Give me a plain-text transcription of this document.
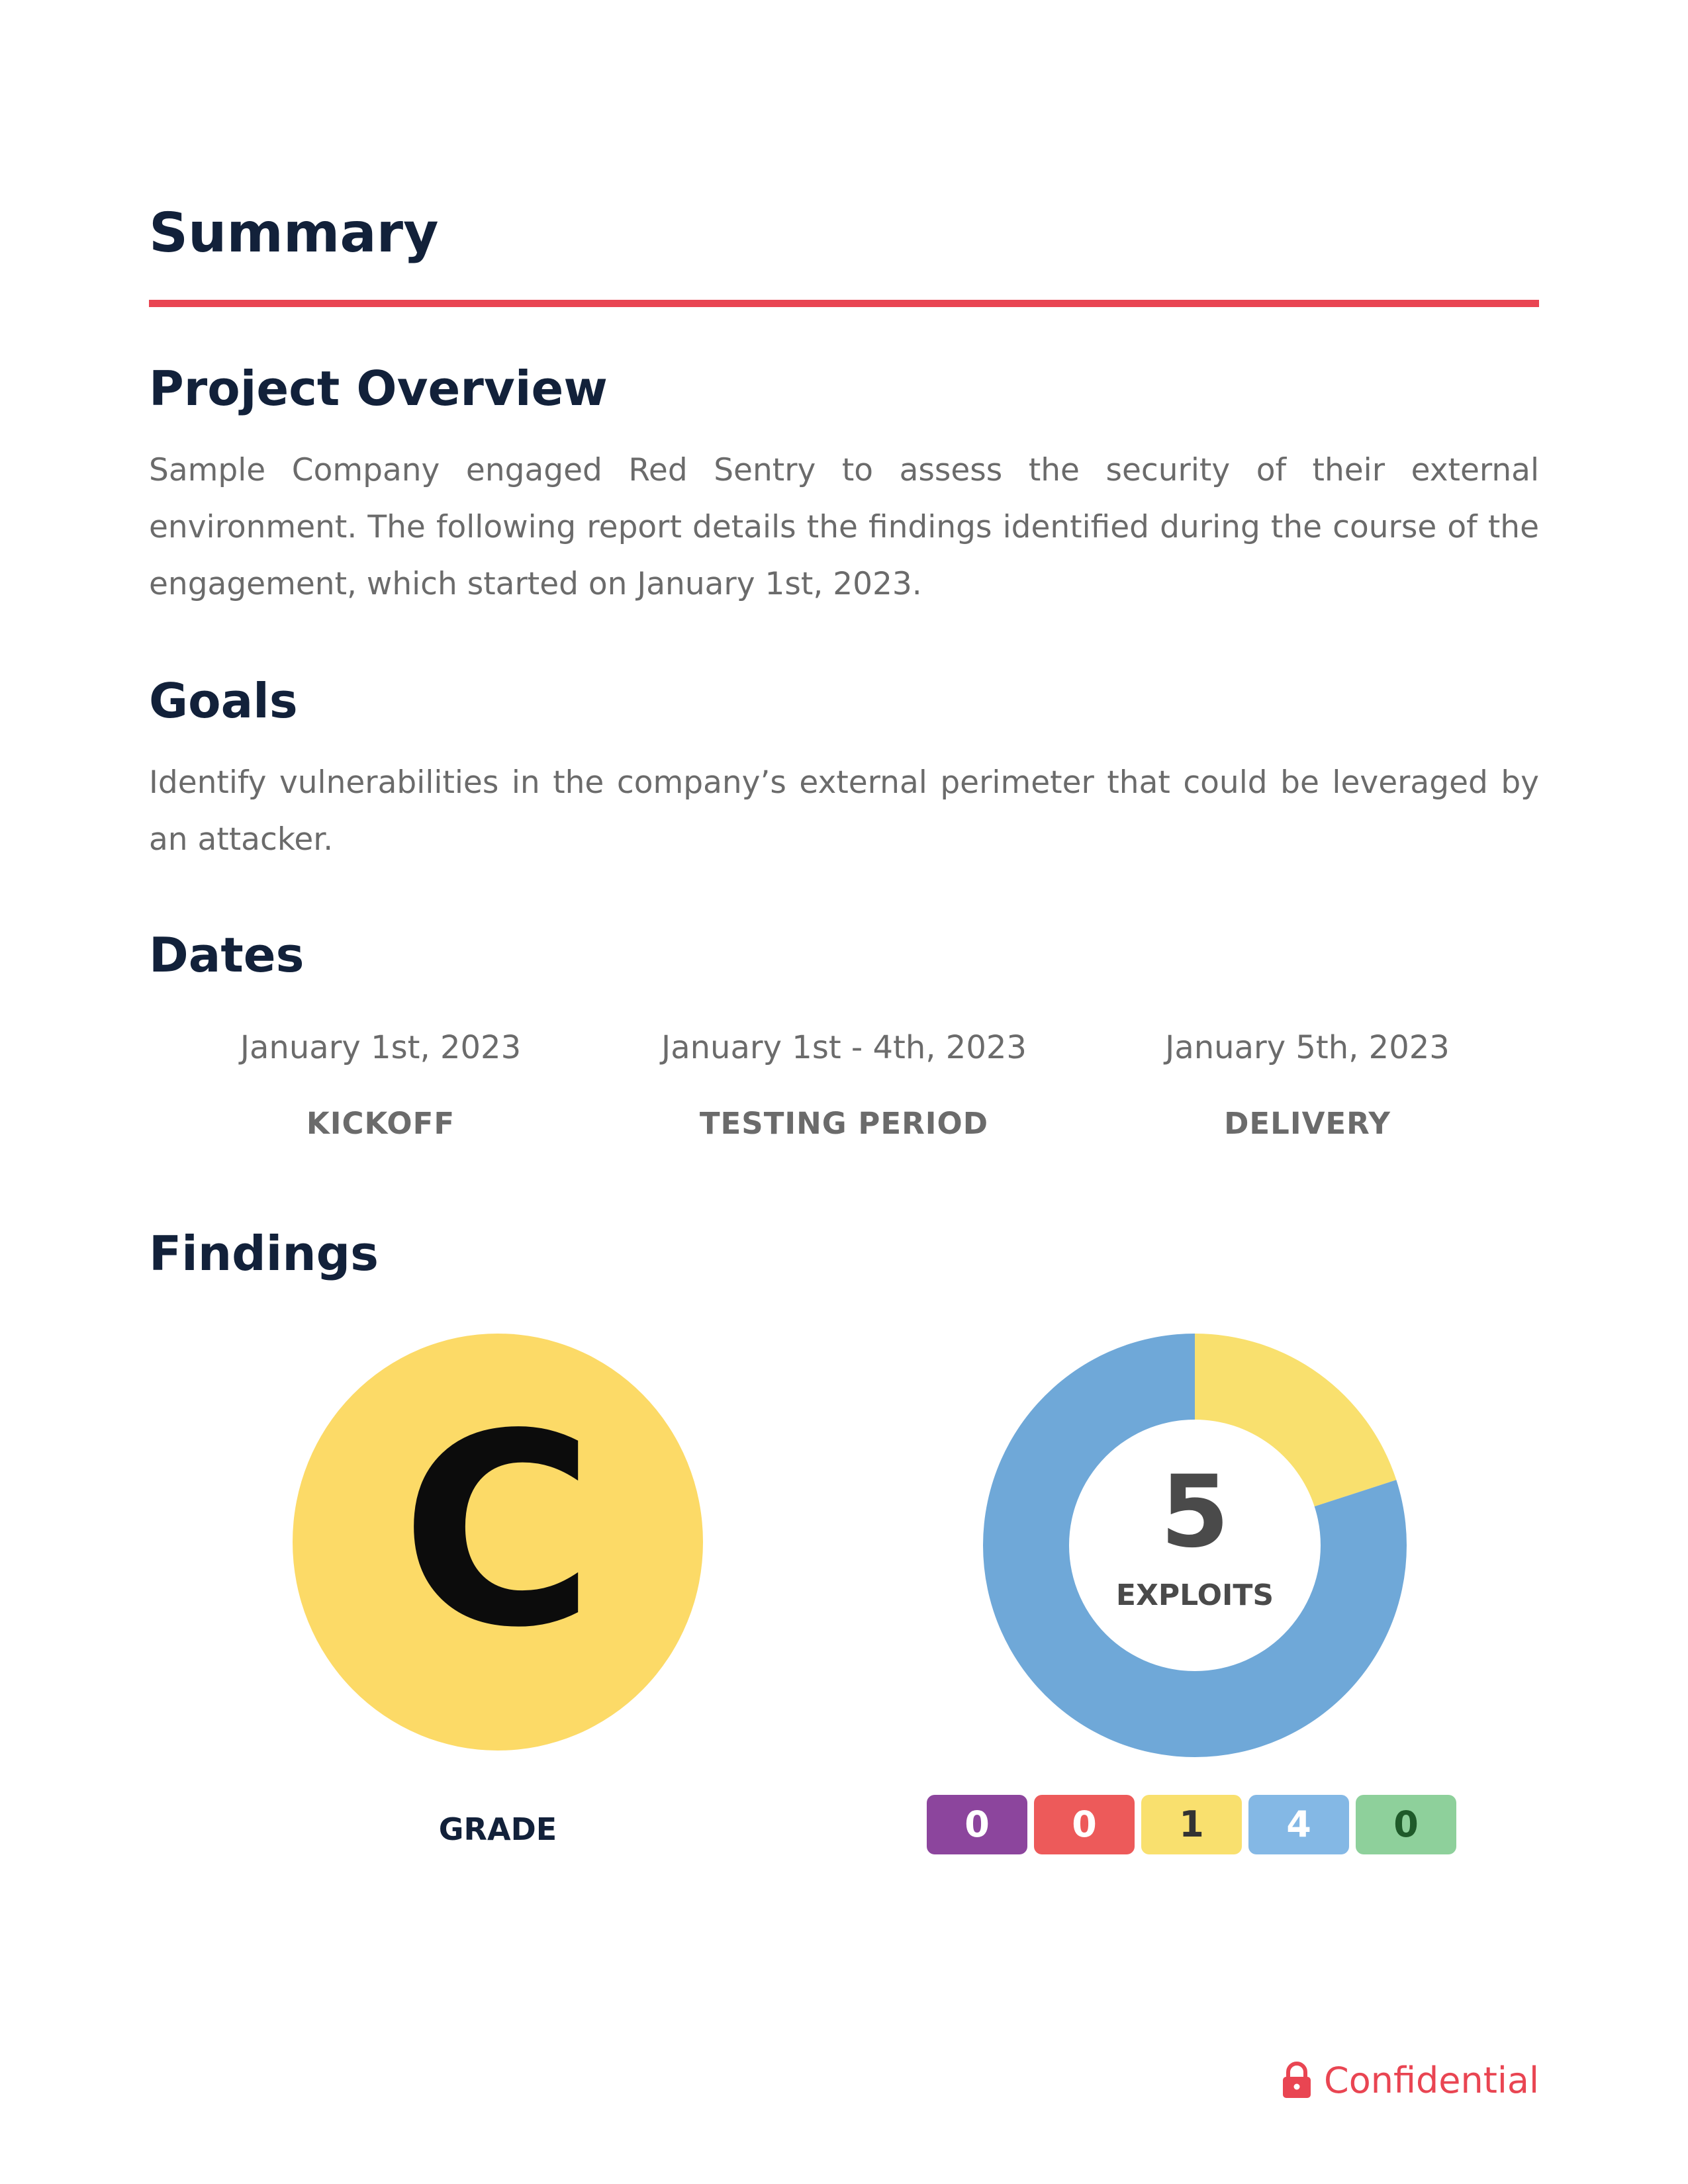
Summary
Project Overview

Sample Company engaged Red Sentry to assess the security of their external environment. The following report details the findings identified during the course of the engagement, which started on January 1st, 2023.

Goals

Identify vulnerabilities in the company’s external perimeter that could be leveraged by an attacker.

Dates
January 1st, 2023
KICKOFF
January 1st - 4th, 2023
TESTING PERIOD
January 5th, 2023
DELIVERY
Findings
C
GRADE
5
EXPLOITS
0	0	1	4	0
Confidential
